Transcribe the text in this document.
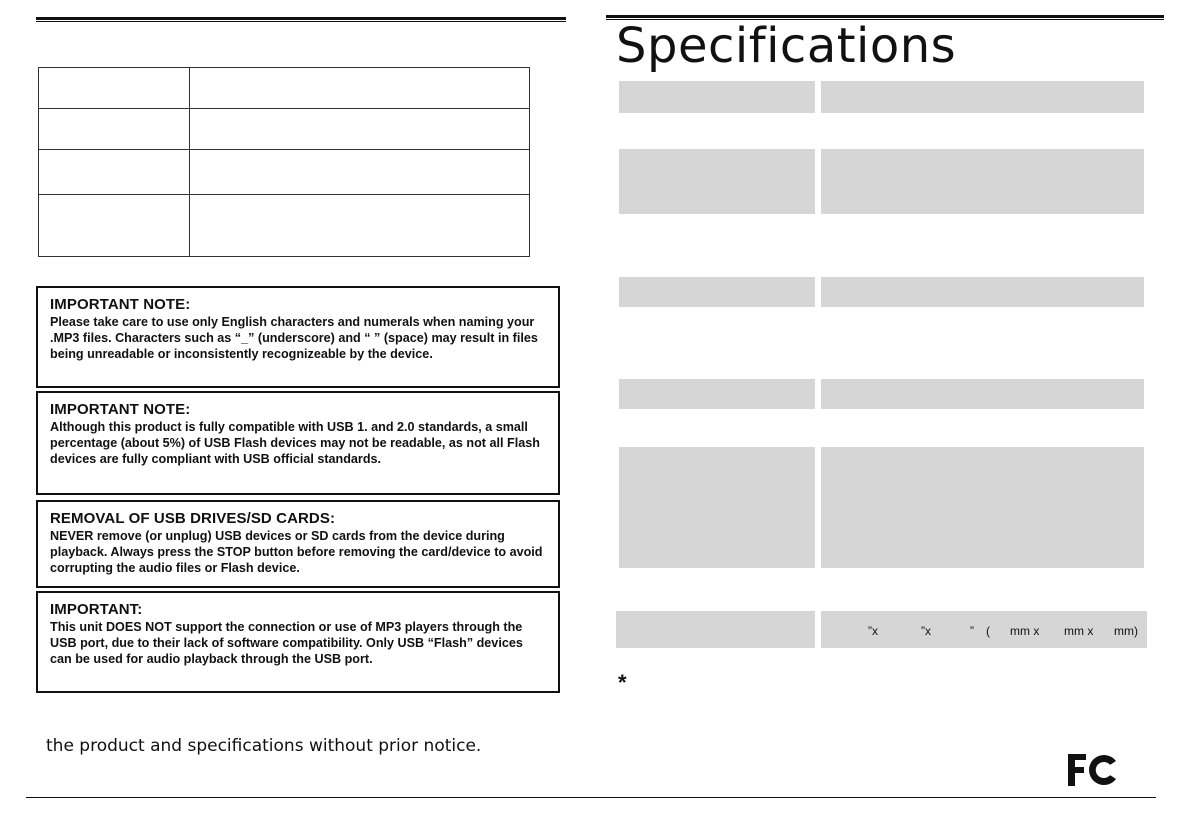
IMPORTANT NOTE:

Please take care to use only English characters and numerals when naming your .MP3 files. Characters such as “_” (underscore) and “ ” (space) may result in files being unreadable or inconsistently recognizeable by the device.

IMPORTANT NOTE:

Although this product is fully compatible with USB 1. and 2.0 standards, a small percentage (about 5%) of USB Flash devices may not be readable, as not all Flash devices are fully compliant with USB official standards.

REMOVAL OF USB DRIVES/SD CARDS:

NEVER remove (or unplug) USB devices or SD cards from the device during playback. Always press the STOP button before removing the card/device to avoid corrupting the audio files or Flash device.

IMPORTANT:

This unit DOES NOT support the connection or use of MP3 players through the USB port, due to their lack of software compatibility. Only USB “Flash” devices can be used for audio playback through the USB port.

the product and specifications without prior notice.
Specifications
”x	”x	” ( mm x mm x mm)
*
